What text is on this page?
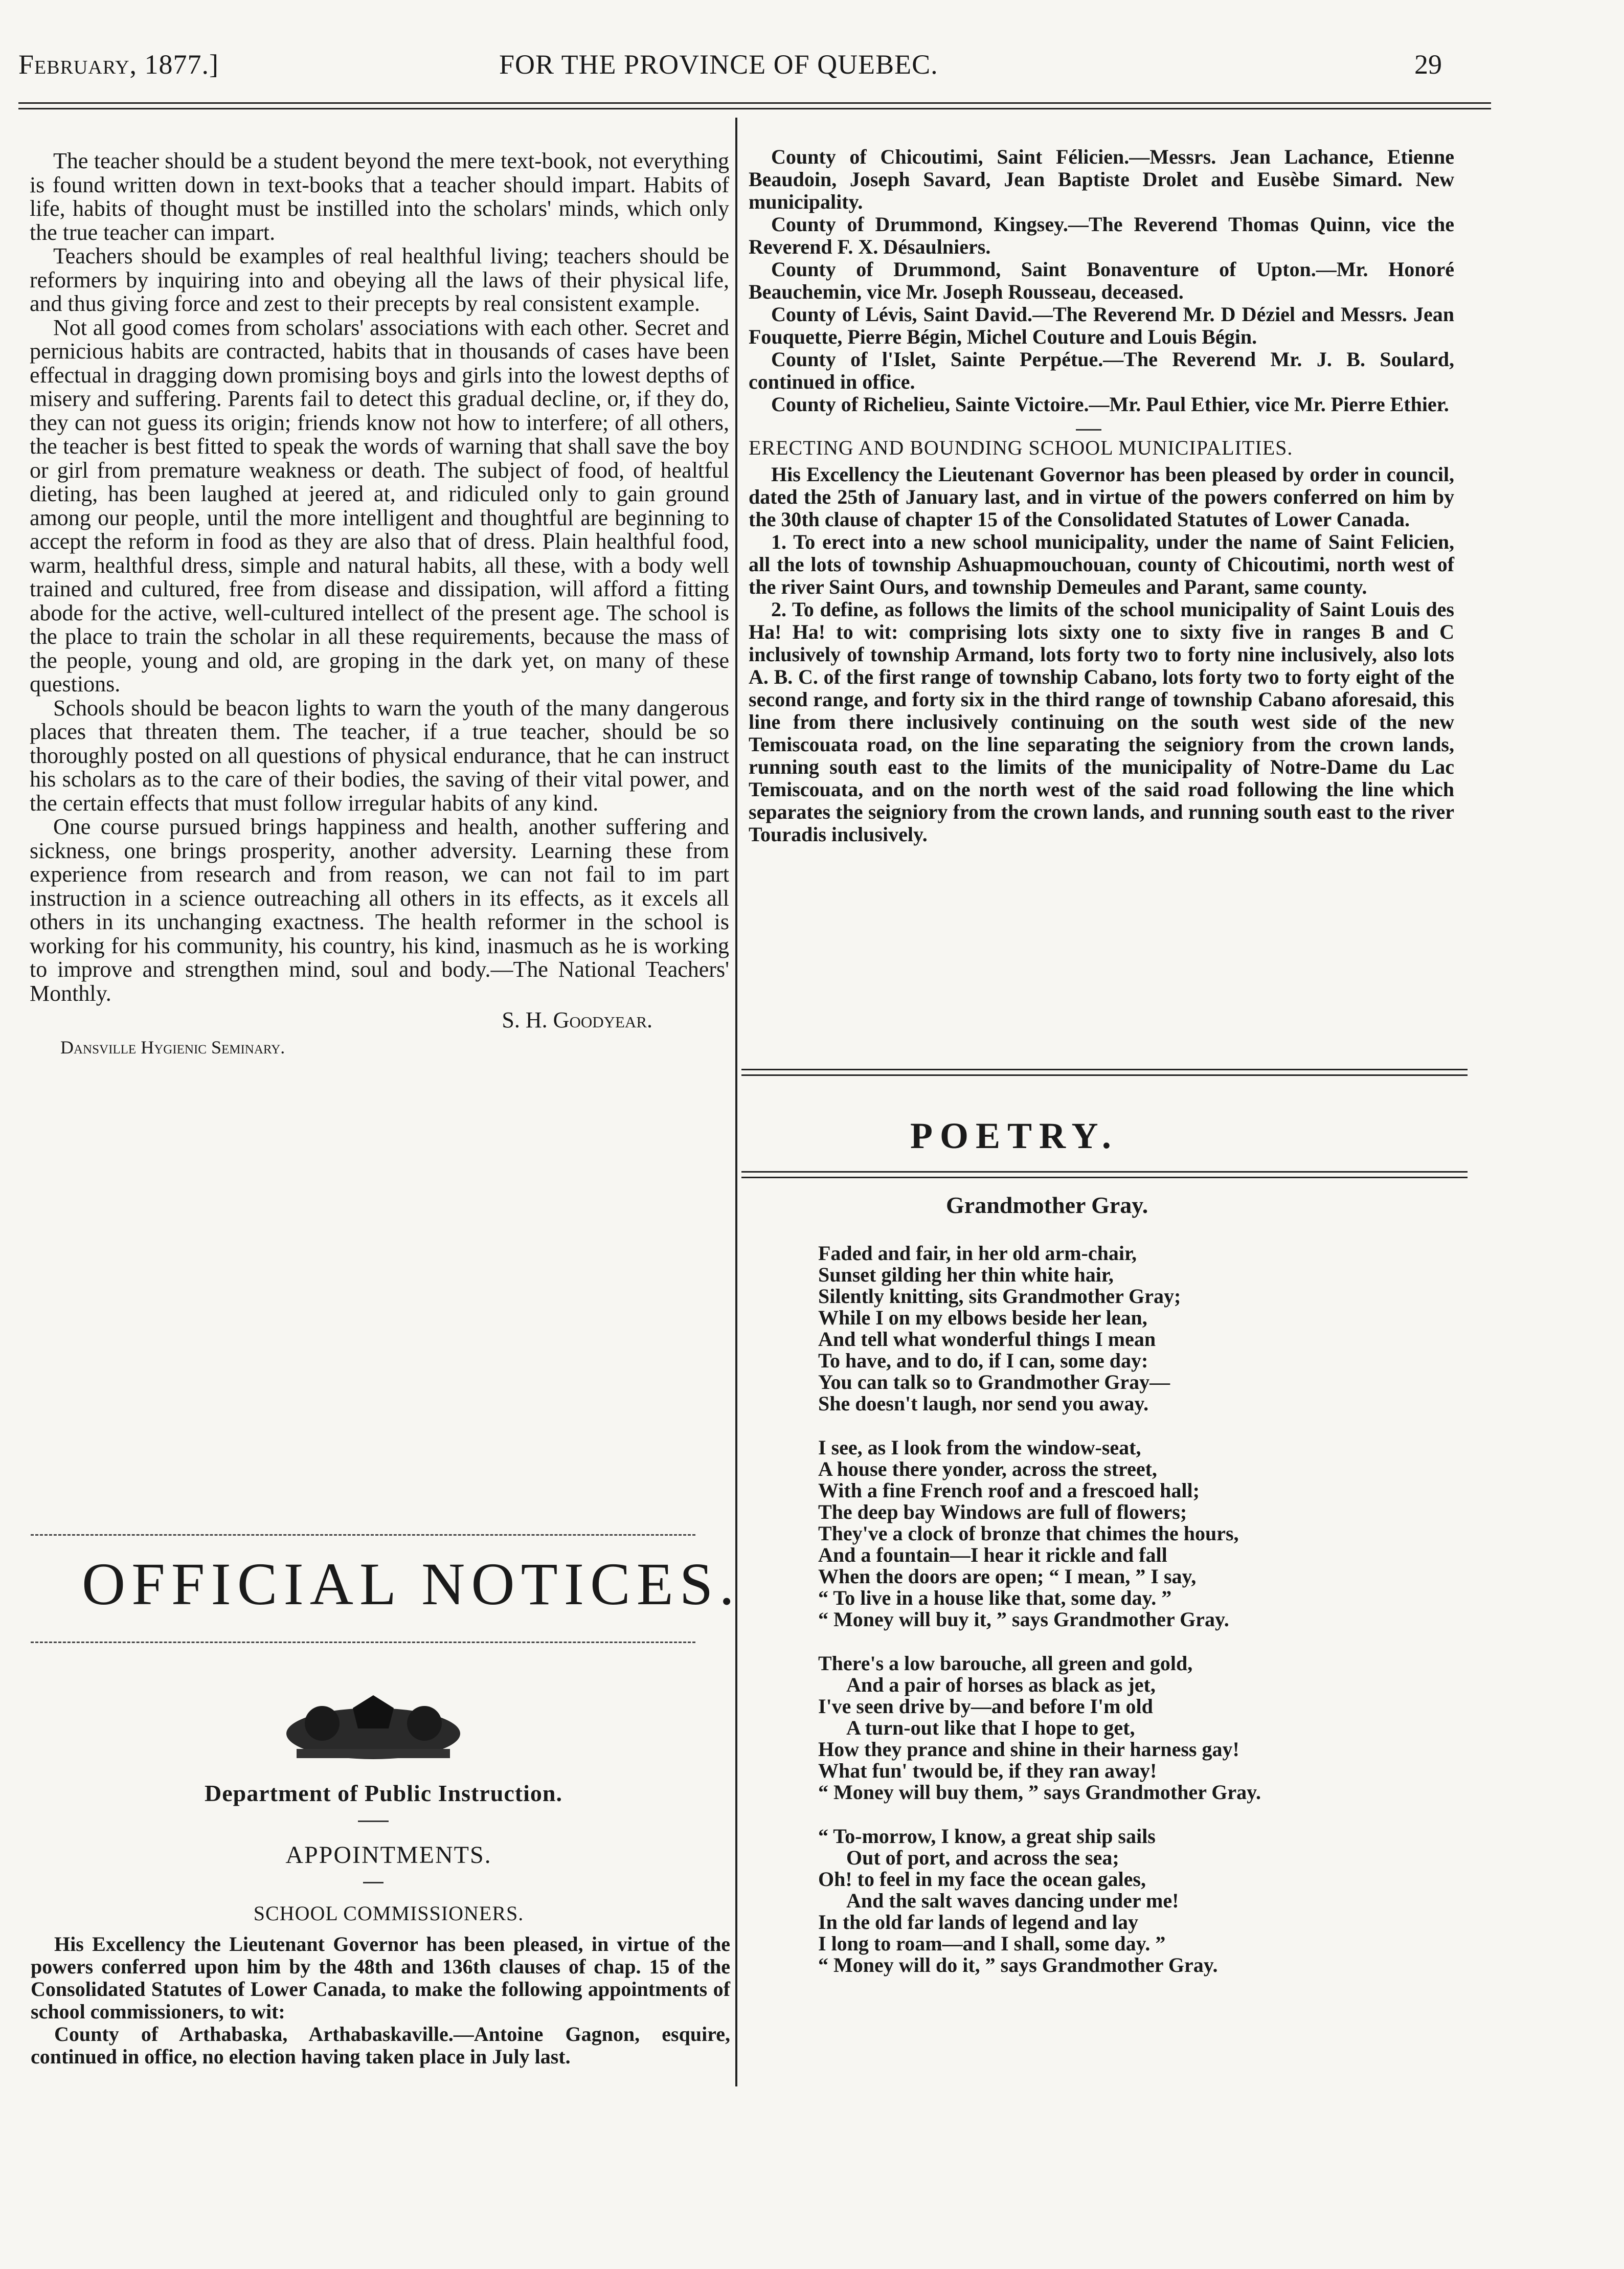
February, 1877.]	FOR THE PROVINCE OF QUEBEC.	29

The teacher should be a student beyond the mere text-book, not everything is found written down in text-books that a teacher should impart. Habits of life, habits of thought must be instilled into the scholars' minds, which only the true teacher can impart.

Teachers should be examples of real healthful living; teachers should be reformers by inquiring into and obeying all the laws of their physical life, and thus giving force and zest to their precepts by real consistent example.

Not all good comes from scholars' associations with each other. Secret and pernicious habits are contracted, habits that in thousands of cases have been effectual in dragging down promising boys and girls into the lowest depths of misery and suffering. Parents fail to detect this gradual decline, or, if they do, they can not guess its origin; friends know not how to interfere; of all others, the teacher is best fitted to speak the words of warning that shall save the boy or girl from premature weakness or death. The subject of food, of healtful dieting, has been laughed at jeered at, and ridiculed only to gain ground among our people, until the more intelligent and thoughtful are beginning to accept the reform in food as they are also that of dress. Plain healthful food, warm, healthful dress, simple and natural habits, all these, with a body well trained and cultured, free from disease and dissipation, will afford a fitting abode for the active, well-cultured intellect of the present age. The school is the place to train the scholar in all these requirements, because the mass of the people, young and old, are groping in the dark yet, on many of these questions.

Schools should be beacon lights to warn the youth of the many dangerous places that threaten them. The teacher, if a true teacher, should be so thoroughly posted on all questions of physical endurance, that he can instruct his scholars as to the care of their bodies, the saving of their vital power, and the certain effects that must follow irregular habits of any kind.

One course pursued brings happiness and health, another suffering and sickness, one brings prosperity, another adversity. Learning these from experience from research and from reason, we can not fail to im part instruction in a science outreaching all others in its effects, as it excels all others in its unchanging exactness. The health reformer in the school is working for his community, his country, his kind, inasmuch as he is working to improve and strengthen mind, soul and body.—The National Teachers' Monthly.

S. H. Goodyear.
Dansville Hygienic Seminary.
OFFICIAL NOTICES.
Department of Public Instruction.
APPOINTMENTS.
SCHOOL COMMISSIONERS.

His Excellency the Lieutenant Governor has been pleased, in virtue of the powers conferred upon him by the 48th and 136th clauses of chap. 15 of the Consolidated Statutes of Lower Canada, to make the following appointments of school commissioners, to wit:

County of Arthabaska, Arthabaskaville.—Antoine Gagnon, esquire, continued in office, no election having taken place in July last.

County of Chicoutimi, Saint Félicien.—Messrs. Jean Lachance, Etienne Beaudoin, Joseph Savard, Jean Baptiste Drolet and Eusèbe Simard. New municipality.

County of Drummond, Kingsey.—The Reverend Thomas Quinn, vice the Reverend F. X. Désaulniers.

County of Drummond, Saint Bonaventure of Upton.—Mr. Honoré Beauchemin, vice Mr. Joseph Rousseau, deceased.

County of Lévis, Saint David.—The Reverend Mr. D Déziel and Messrs. Jean Fouquette, Pierre Bégin, Michel Couture and Louis Bégin.

County of l'Islet, Sainte Perpétue.—The Reverend Mr. J. B. Soulard, continued in office.

County of Richelieu, Sainte Victoire.—Mr. Paul Ethier, vice Mr. Pierre Ethier.

ERECTING AND BOUNDING SCHOOL MUNICIPALITIES.

His Excellency the Lieutenant Governor has been pleased by order in council, dated the 25th of January last, and in virtue of the powers conferred on him by the 30th clause of chapter 15 of the Consolidated Statutes of Lower Canada.

1. To erect into a new school municipality, under the name of Saint Felicien, all the lots of township Ashuapmouchouan, county of Chicoutimi, north west of the river Saint Ours, and township Demeules and Parant, same county.

2. To define, as follows the limits of the school municipality of Saint Louis des Ha! Ha! to wit: comprising lots sixty one to sixty five in ranges B and C inclusively of township Armand, lots forty two to forty nine inclusively, also lots A. B. C. of the first range of township Cabano, lots forty two to forty eight of the second range, and forty six in the third range of township Cabano aforesaid, this line from there inclusively continuing on the south west side of the new Temiscouata road, on the line separating the seigniory from the crown lands, running south east to the limits of the municipality of Notre-Dame du Lac Temiscouata, and on the north west of the said road following the line which separates the seigniory from the crown lands, and running south east to the river Touradis inclusively.

POETRY.
Grandmother Gray.
Faded and fair, in her old arm-chair,
Sunset gilding her thin white hair,
Silently knitting, sits Grandmother Gray;
While I on my elbows beside her lean,
And tell what wonderful things I mean
To have, and to do, if I can, some day:
You can talk so to Grandmother Gray—
She doesn't laugh, nor send you away.
I see, as I look from the window-seat,
A house there yonder, across the street,
With a fine French roof and a frescoed hall;
The deep bay Windows are full of flowers;
They've a clock of bronze that chimes the hours,
And a fountain—I hear it rickle and fall
When the doors are open; “ I mean, ” I say,
“ To live in a house like that, some day. ”
“ Money will buy it, ” says Grandmother Gray.
There's a low barouche, all green and gold,
And a pair of horses as black as jet,
I've seen drive by—and before I'm old
A turn-out like that I hope to get,
How they prance and shine in their harness gay!
What fun' twould be, if they ran away!
“ Money will buy them, ” says Grandmother Gray.
“ To-morrow, I know, a great ship sails
Out of port, and across the sea;
Oh! to feel in my face the ocean gales,
And the salt waves dancing under me!
In the old far lands of legend and lay
I long to roam—and I shall, some day. ”
“ Money will do it, ” says Grandmother Gray.
